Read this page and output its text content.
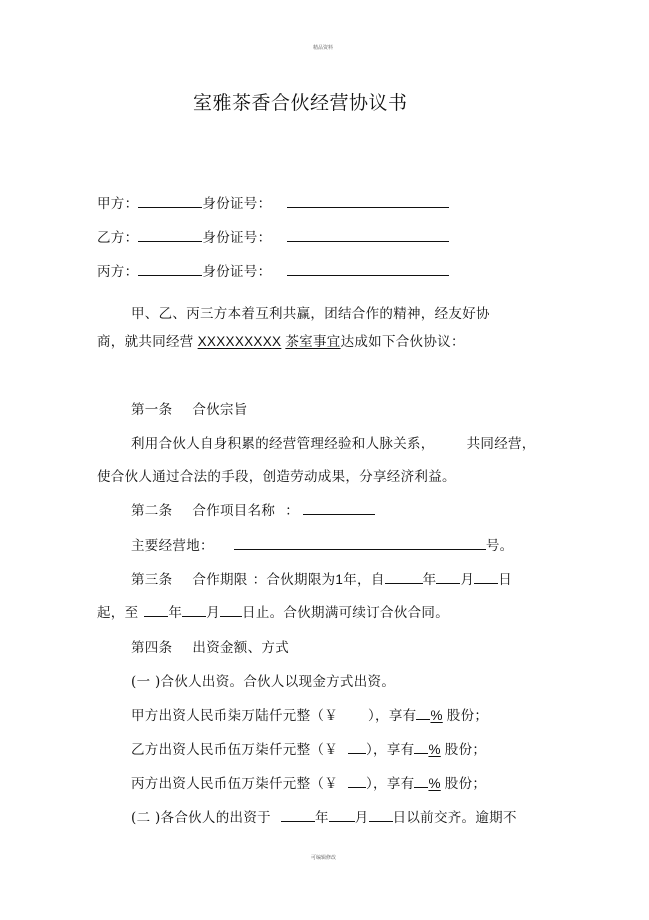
精品资料
室雅茶香合伙经营协议书
甲方：	身份证号：
乙方：	身份证号：
丙方：	身份证号：
甲、乙、丙三方本着互利共赢，团结合作的精神，经友好协
商，就共同经营 XXXXXXXXX 茶室事宜达成如下合伙协议：
第一条 合伙宗旨
利用合伙人自身积累的经营管理经验和人脉关系， 共同经营，
使合伙人通过合法的手段，创造劳动成果，分享经济利益。
第二条 合作项目名称 ：
主要经营地：	号。
第三条 合作期限 ：合伙期限为1年，自	年 月 日
起，至 年 月 日止。合伙期满可续订合伙合同。
第四条 出资金额、方式
(一 )合伙人出资。合伙人以现金方式出资。
甲方出资人民币柒万陆仟元整（￥ ），享有 % 股份；
乙方出资人民币伍万柒仟元整（￥ ），享有 % 股份；
丙方出资人民币伍万柒仟元整（￥ ），享有 % 股份；
(二 )各合伙人的出资于	年 月 日以前交齐。逾期不
可编辑修改
